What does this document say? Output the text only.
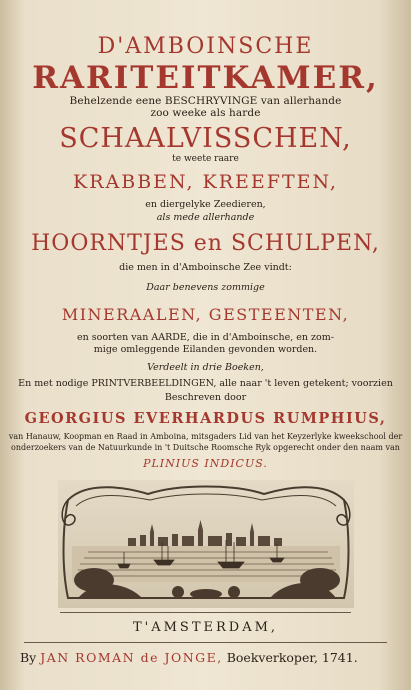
D'AMBOINSCHE
RARITEITKAMER,
Behelzende eene BESCHRYVINGE van allerhande
zoo weeke als harde
SCHAALVISSCHEN,
te weete raare
KRABBEN, KREEFTEN,
en diergelyke Zeedieren,
als mede allerhande
HOORNTJES en SCHULPEN,
die men in d'Amboinsche Zee vindt:
Daar benevens zommige
MINERAALEN, GESTEENTEN,
en soorten van AARDE, die in d'Amboinsche, en zom-
mige omleggende Eilanden gevonden worden.
Verdeelt in drie Boeken,
En met nodige PRINTVERBEELDINGEN, alle naar 't leven getekent; voorzien
Beschreven door
GEORGIUS EVERHARDUS RUMPHIUS,
van Hanauw, Koopman en Raad in Amboina, mitsgaders Lid van het Keyzerlyke kweekschool der
onderzoekers van de Natuurkunde in 't Duitsche Roomsche Ryk opgerecht onder den naam van
PLINIUS INDICUS.
T'AMSTERDAM,
By JAN ROMAN de JONGE, Boekverkoper, 1741.
